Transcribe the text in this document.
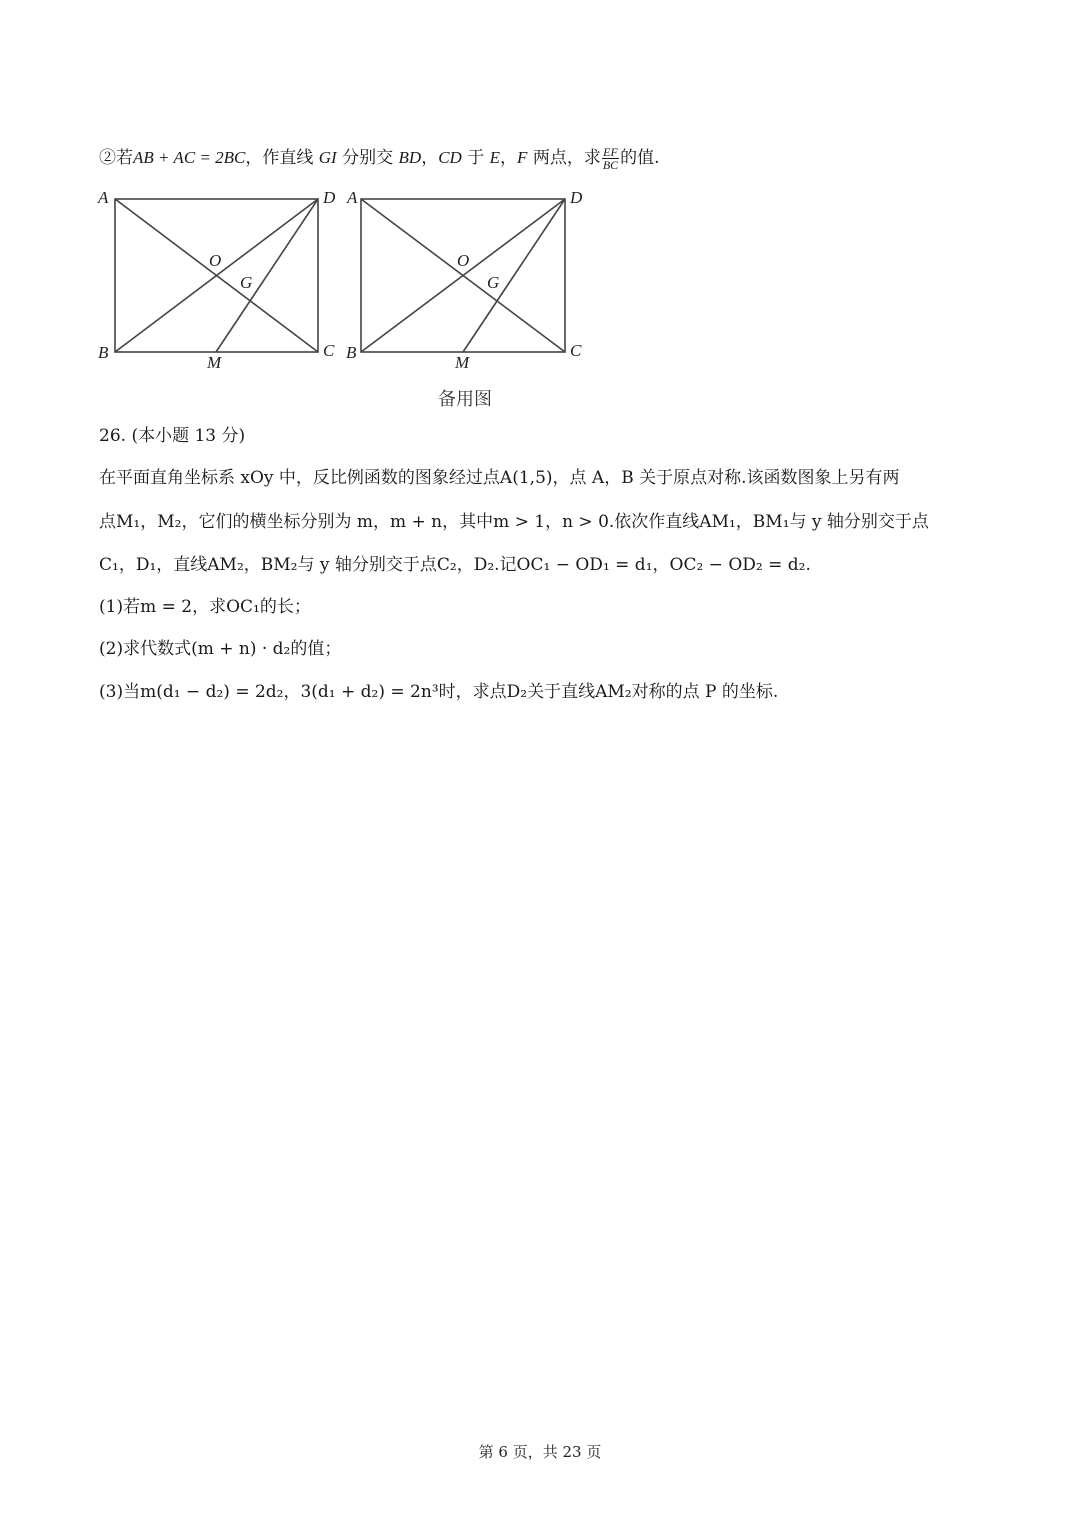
②若AB + AC = 2BC，作直线 GI 分别交 BD，CD 于 E，F 两点，求 $\frac{EF}{BC}$ 的值.
A	D
B	C
O
G
M
A	D
B	C
O
G
M
备用图
26. (本小题 13 分)
在平面直角坐标系 xOy 中，反比例函数的图象经过点A(1,5)，点 A，B 关于原点对称.该函数图象上另有两
点M₁，M₂，它们的横坐标分别为 m，m + n，其中m > 1，n > 0.依次作直线AM₁，BM₁与 y 轴分别交于点
C₁，D₁，直线AM₂，BM₂与 y 轴分别交于点C₂，D₂.记OC₁ − OD₁ = d₁，OC₂ − OD₂ = d₂.
(1)若m = 2，求OC₁的长；
(2)求代数式(m + n) · d₂的值；
(3)当m(d₁ − d₂) = 2d₂，3(d₁ + d₂) = 2n³时，求点D₂关于直线AM₂对称的点 P 的坐标.
第 6 页，共 23 页
